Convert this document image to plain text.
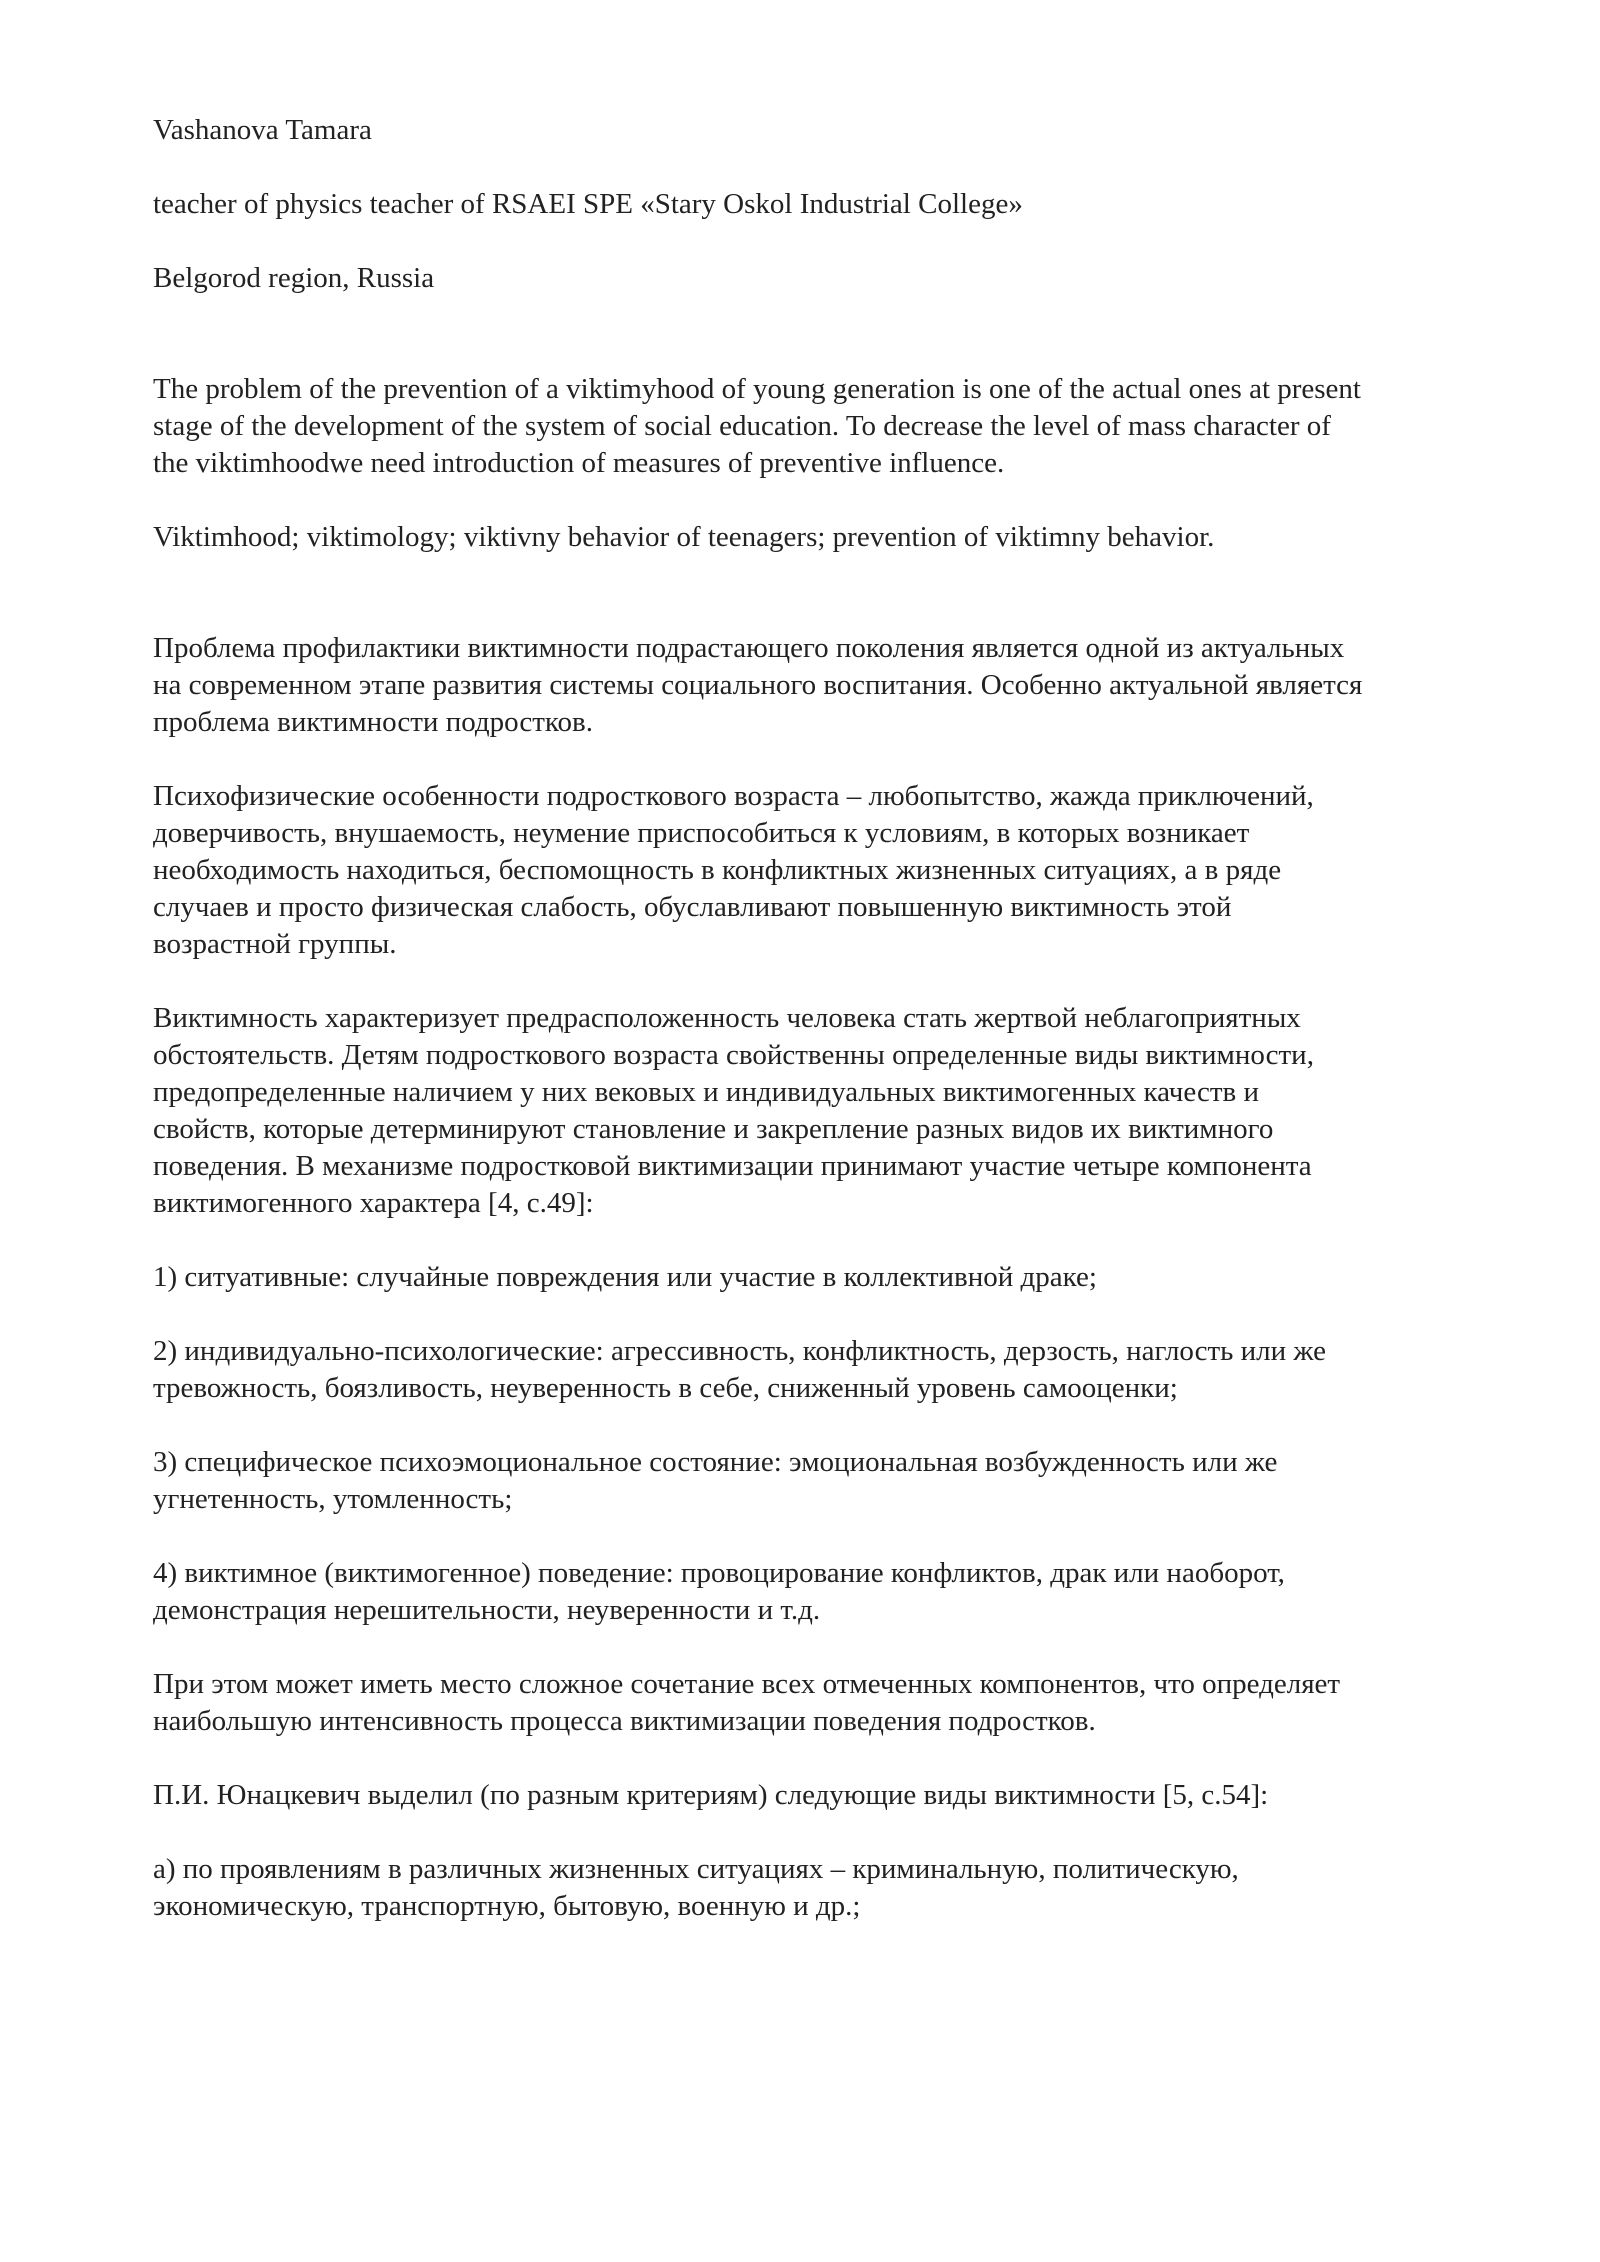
Vashanova Tamara

teacher of physics teacher of RSAEI SPE «Stary Oskol Industrial College»

Belgorod region, Russia

The problem of the prevention of a viktimyhood of young generation is one of the actual ones at present
stage of the development of the system of social education. To decrease the level of mass character of
the viktimhoodwe need introduction of measures of preventive influence.

Viktimhood; viktimology; viktivny behavior of teenagers; prevention of viktimny behavior.

Проблема профилактики виктимности подрастающего поколения является одной из актуальных
на современном этапе развития системы социального воспитания. Особенно актуальной является
проблема виктимности подростков.
Психофизические особенности подросткового возраста – любопытство, жажда приключений,
доверчивость, внушаемость, неумение приспособиться к условиям, в которых возникает
необходимость находиться, беспомощность в конфликтных жизненных ситуациях, а в ряде
случаев и просто физическая слабость, обуславливают повышенную виктимность этой
возрастной группы.
Виктимность характеризует предрасположенность человека стать жертвой неблагоприятных
обстоятельств. Детям подросткового возраста свойственны определенные виды виктимности,
предопределенные наличием у них вековых и индивидуальных виктимогенных качеств и
свойств, которые детерминируют становление и закрепление разных видов их виктимного
поведения. В механизме подростковой виктимизации принимают участие четыре компонента
виктимогенного характера [4, с.49]:
1) ситуативные: случайные повреждения или участие в коллективной драке;
2) индивидуально-психологические: агрессивность, конфликтность, дерзость, наглость или же
тревожность, боязливость, неуверенность в себе, сниженный уровень самооценки;
3) специфическое психоэмоциональное состояние: эмоциональная возбужденность или же
угнетенность, утомленность;
4) виктимное (виктимогенное) поведение: провоцирование конфликтов, драк или наоборот,
демонстрация нерешительности, неуверенности и т.д.
При этом может иметь место сложное сочетание всех отмеченных компонентов, что определяет
наибольшую интенсивность процесса виктимизации поведения подростков.
П.И. Юнацкевич выделил (по разным критериям) следующие виды виктимности [5, с.54]:
а) по проявлениям в различных жизненных ситуациях – криминальную, политическую,
экономическую, транспортную, бытовую, военную и др.;
